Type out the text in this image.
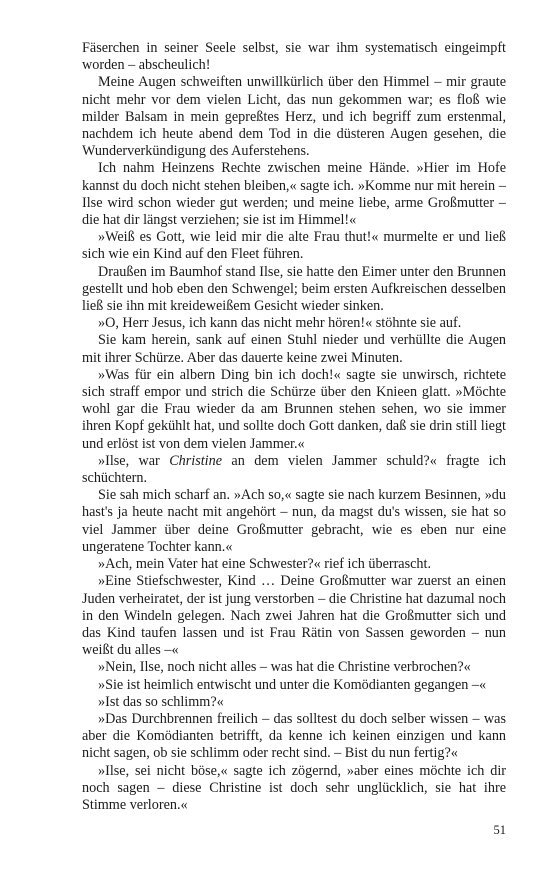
Fäserchen in seiner Seele selbst, sie war ihm systematisch eingeimpft worden – abscheulich!

Meine Augen schweiften unwillkürlich über den Himmel – mir graute nicht mehr vor dem vielen Licht, das nun gekommen war; es floß wie milder Balsam in mein gepreßtes Herz, und ich begriff zum erstenmal, nachdem ich heute abend dem Tod in die düsteren Augen gesehen, die Wunderverkündigung des Auferstehens.

Ich nahm Heinzens Rechte zwischen meine Hände. »Hier im Hofe kannst du doch nicht stehen bleiben,« sagte ich. »Komme nur mit herein – Ilse wird schon wieder gut werden; und meine liebe, arme Großmutter – die hat dir längst verziehen; sie ist im Himmel!«

»Weiß es Gott, wie leid mir die alte Frau thut!« murmelte er und ließ sich wie ein Kind auf den Fleet führen.

Draußen im Baumhof stand Ilse, sie hatte den Eimer unter den Brunnen gestellt und hob eben den Schwengel; beim ersten Aufkreischen desselben ließ sie ihn mit kreideweißem Gesicht wieder sinken.

»O, Herr Jesus, ich kann das nicht mehr hören!« stöhnte sie auf.

Sie kam herein, sank auf einen Stuhl nieder und verhüllte die Augen mit ihrer Schürze. Aber das dauerte keine zwei Minuten.

»Was für ein albern Ding bin ich doch!« sagte sie unwirsch, richtete sich straff empor und strich die Schürze über den Knieen glatt. »Möchte wohl gar die Frau wieder da am Brunnen stehen sehen, wo sie immer ihren Kopf gekühlt hat, und sollte doch Gott danken, daß sie drin still liegt und erlöst ist von dem vielen Jammer.«

»Ilse, war Christine an dem vielen Jammer schuld?« fragte ich schüchtern.

Sie sah mich scharf an. »Ach so,« sagte sie nach kurzem Besinnen, »du hast's ja heute nacht mit angehört – nun, da magst du's wissen, sie hat so viel Jammer über deine Großmutter gebracht, wie es eben nur eine ungeratene Tochter kann.«

»Ach, mein Vater hat eine Schwester?« rief ich überrascht.

»Eine Stiefschwester, Kind … Deine Großmutter war zuerst an einen Juden verheiratet, der ist jung verstorben – die Christine hat dazumal noch in den Windeln gelegen. Nach zwei Jahren hat die Großmutter sich und das Kind taufen lassen und ist Frau Rätin von Sassen geworden – nun weißt du alles –«

»Nein, Ilse, noch nicht alles – was hat die Christine verbrochen?«

»Sie ist heimlich entwischt und unter die Komödianten gegangen –«

»Ist das so schlimm?«

»Das Durchbrennen freilich – das solltest du doch selber wissen – was aber die Komödianten betrifft, da kenne ich keinen einzigen und kann nicht sagen, ob sie schlimm oder recht sind. – Bist du nun fertig?«

»Ilse, sei nicht böse,« sagte ich zögernd, »aber eines möchte ich dir noch sagen – diese Christine ist doch sehr unglücklich, sie hat ihre Stimme verloren.«

51
